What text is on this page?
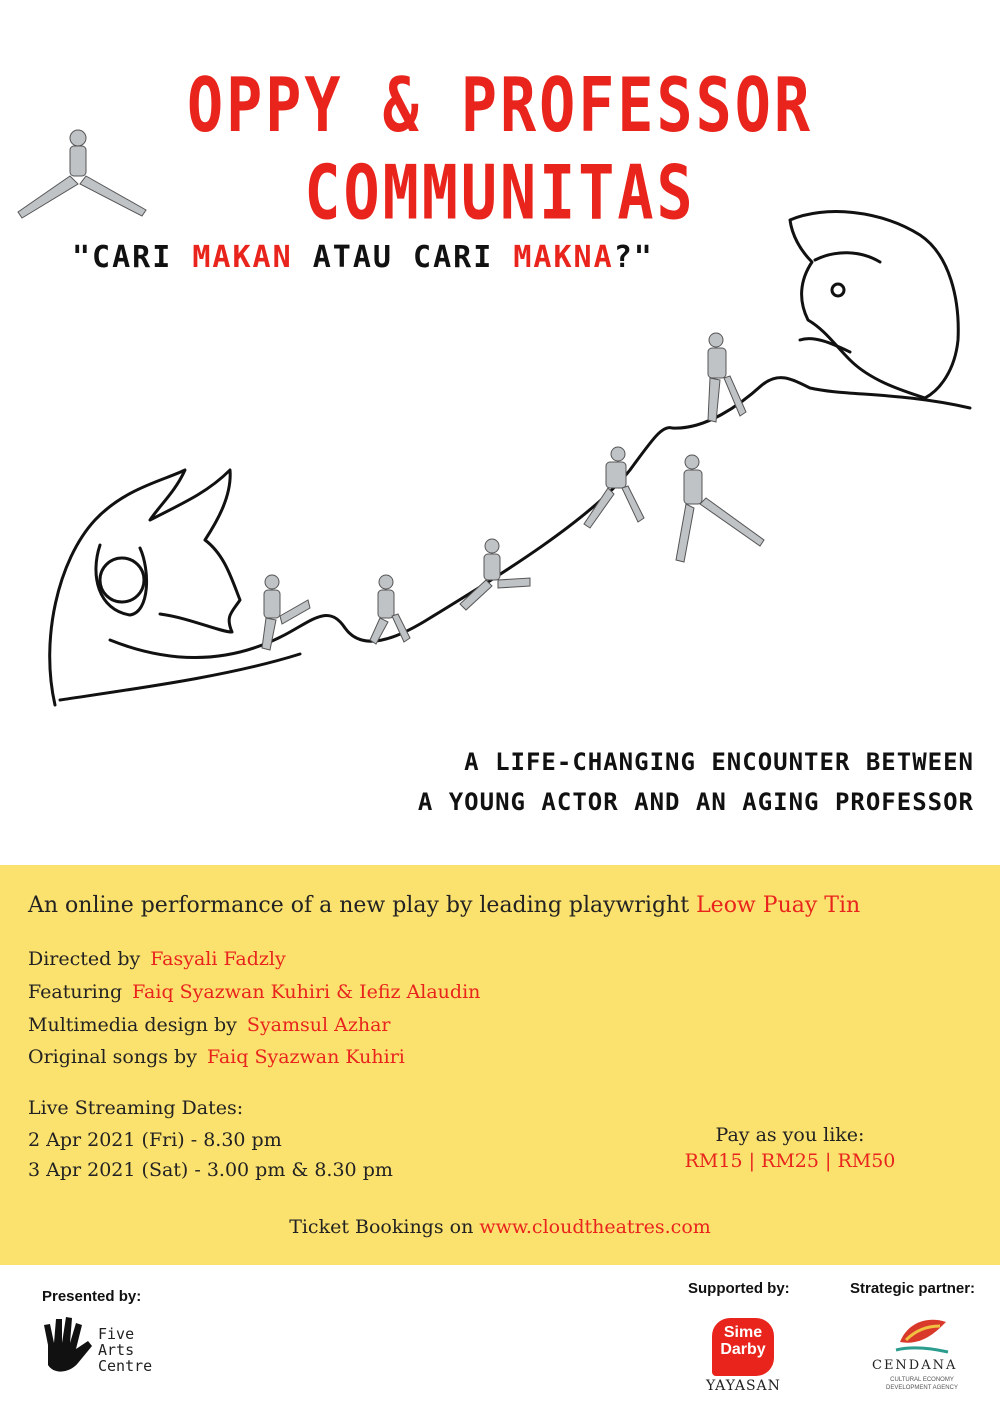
OPPY & PROFESSOR COMMUNITAS
"CARI MAKAN ATAU CARI MAKNA?"
A LIFE-CHANGING ENCOUNTER BETWEEN
A YOUNG ACTOR AND AN AGING PROFESSOR
An online performance of a new play by leading playwright Leow Puay Tin
Directed by Fasyali Fadzly
Featuring Faiq Syazwan Kuhiri & Iefiz Alaudin
Multimedia design by Syamsul Azhar
Original songs by Faiq Syazwan Kuhiri
Live Streaming Dates:
2 Apr 2021 (Fri) - 8.30 pm
3 Apr 2021 (Sat) - 3.00 pm & 8.30 pm
Pay as you like:
RM15 | RM25 | RM50
Ticket Bookings on www.cloudtheatres.com
Presented by:
Five
Arts
Centre
Supported by:
Sime
Darby
YAYASAN
Strategic partner:
CENDANA
CULTURAL ECONOMY
DEVELOPMENT AGENCY
